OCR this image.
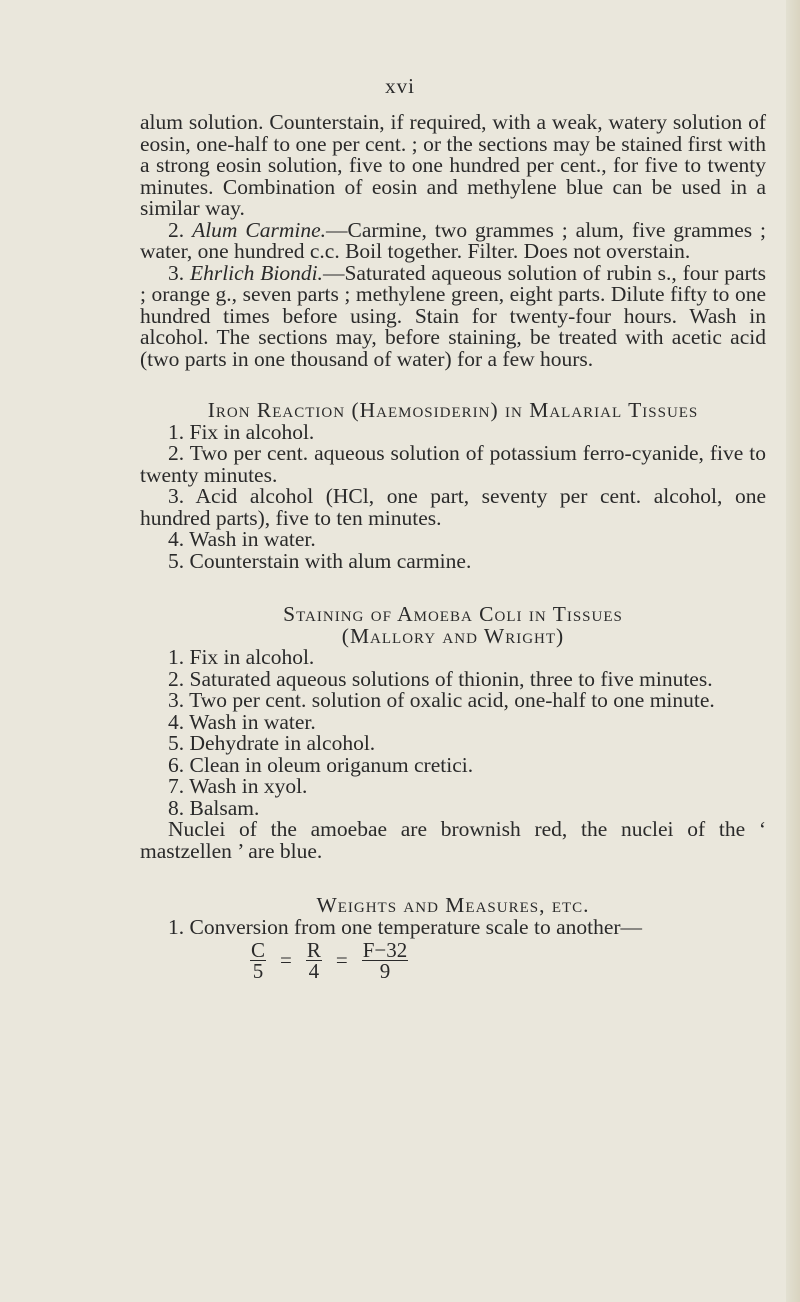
xvi

alum solution. Counterstain, if required, with a weak, watery solution of eosin, one-half to one per cent. ; or the sections may be stained first with a strong eosin solution, five to one hundred per cent., for five to twenty minutes. Combination of eosin and methylene blue can be used in a similar way.

2. Alum Carmine.—Carmine, two grammes ; alum, five grammes ; water, one hundred c.c. Boil together. Filter. Does not overstain.

3. Ehrlich Biondi.—Saturated aqueous solution of rubin s., four parts ; orange g., seven parts ; methylene green, eight parts. Dilute fifty to one hundred times before using. Stain for twenty-four hours. Wash in alcohol. The sections may, before staining, be treated with acetic acid (two parts in one thousand of water) for a few hours.

Iron Reaction (Haemosiderin) in Malarial Tissues

1. Fix in alcohol.

2. Two per cent. aqueous solution of potassium ferro-cyanide, five to twenty minutes.

3. Acid alcohol (HCl, one part, seventy per cent. alcohol, one hundred parts), five to ten minutes.

4. Wash in water.

5. Counterstain with alum carmine.

Staining of Amoeba Coli in Tissues

(Mallory and Wright)

1. Fix in alcohol.

2. Saturated aqueous solutions of thionin, three to five minutes.

3. Two per cent. solution of oxalic acid, one-half to one minute.

4. Wash in water.

5. Dehydrate in alcohol.

6. Clean in oleum origanum cretici.

7. Wash in xyol.

8. Balsam.

Nuclei of the amoebae are brownish red, the nuclei of the ‘ mastzellen ’ are blue.

Weights and Measures, etc.

1. Conversion from one temperature scale to another—

$\frac{C}{5} = \frac{R}{4} = \frac{F-32}{9}$
